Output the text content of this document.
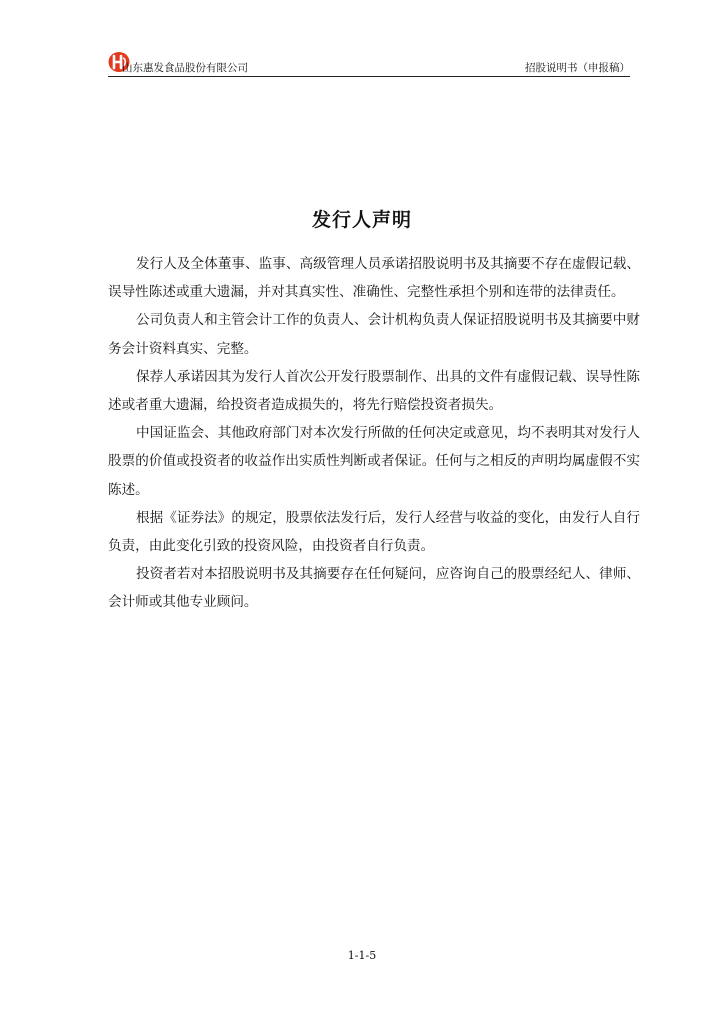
山东惠发食品股份有限公司	招股说明书（申报稿）
发行人声明

发行人及全体董事、监事、高级管理人员承诺招股说明书及其摘要不存在虚假记载、误导性陈述或重大遗漏，并对其真实性、准确性、完整性承担个别和连带的法律责任。

公司负责人和主管会计工作的负责人、会计机构负责人保证招股说明书及其摘要中财务会计资料真实、完整。

保荐人承诺因其为发行人首次公开发行股票制作、出具的文件有虚假记载、误导性陈述或者重大遗漏，给投资者造成损失的，将先行赔偿投资者损失。

中国证监会、其他政府部门对本次发行所做的任何决定或意见，均不表明其对发行人股票的价值或投资者的收益作出实质性判断或者保证。任何与之相反的声明均属虚假不实陈述。

根据《证券法》的规定，股票依法发行后，发行人经营与收益的变化，由发行人自行负责，由此变化引致的投资风险，由投资者自行负责。

投资者若对本招股说明书及其摘要存在任何疑问，应咨询自己的股票经纪人、律师、会计师或其他专业顾问。

1-1-5
